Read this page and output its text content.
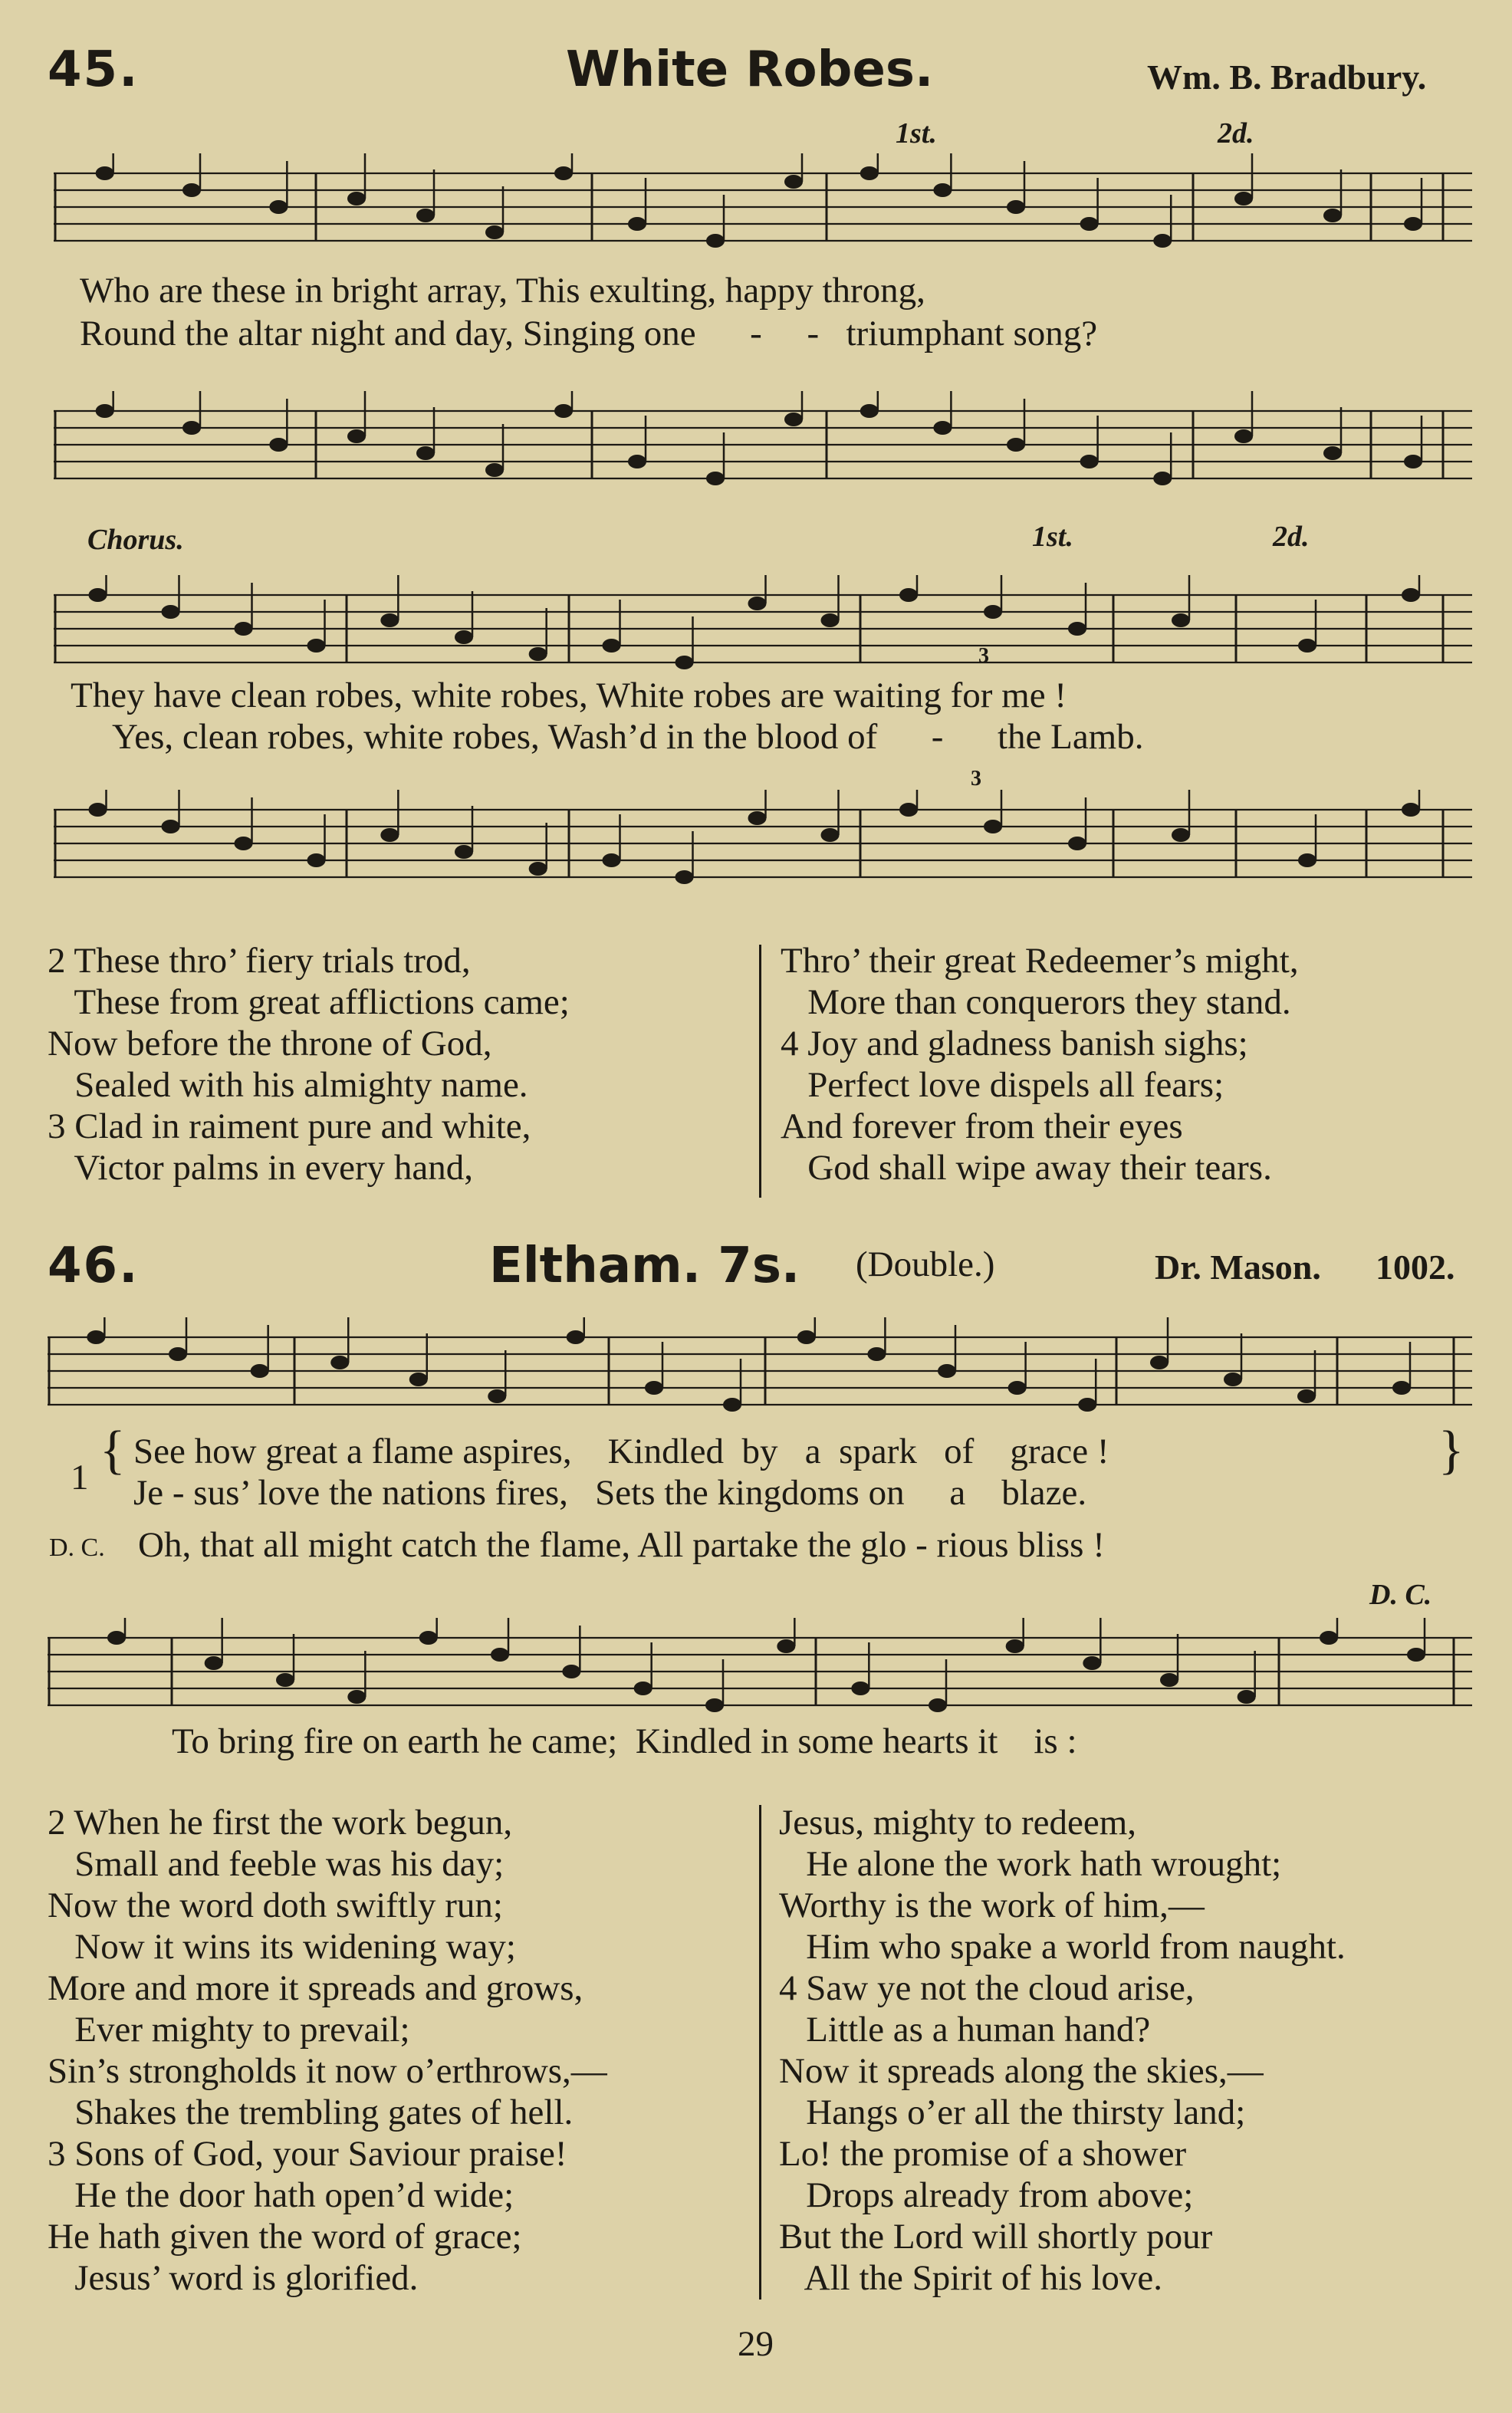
45.	White Robes.	Wm. B. Bradbury.
1st.	2d.
Who are these in bright array, This exulting, happy throng,
Round the altar night and day, Singing one      -     -   triumphant song?
Chorus.	1st.	2d.
3
They have clean robes, white robes, White robes are waiting for me !
Yes, clean robes, white robes, Wash’d in the blood of      -      the Lamb.
3
2 These thro’ fiery trials trod,
These from great afflictions came;
Now before the throne of God,
Sealed with his almighty name.
3 Clad in raiment pure and white,
Victor palms in every hand,
Thro’ their great Redeemer’s might,
More than conquerors they stand.
4 Joy and gladness banish sighs;
Perfect love dispels all fears;
And forever from their eyes
God shall wipe away their tears.
46.	Eltham. 7s. (Double.)	Dr. Mason. 1002.
1 { See how great a flame aspires,    Kindled  by   a  spark   of    grace !
Je - sus’ love the nations fires,   Sets the kingdoms on     a    blaze.
}
D. C. Oh, that all might catch the flame, All partake the glo - rious bliss !
D. C.
To bring fire on earth he came;  Kindled in some hearts it    is :
2 When he first the work begun,
Small and feeble was his day;
Now the word doth swiftly run;
Now it wins its widening way;
More and more it spreads and grows,
Ever mighty to prevail;
Sin’s strongholds it now o’erthrows,—
Shakes the trembling gates of hell.
3 Sons of God, your Saviour praise!
He the door hath open’d wide;
He hath given the word of grace;
Jesus’ word is glorified.
Jesus, mighty to redeem,
He alone the work hath wrought;
Worthy is the work of him,—
Him who spake a world from naught.
4 Saw ye not the cloud arise,
Little as a human hand?
Now it spreads along the skies,—
Hangs o’er all the thirsty land;
Lo! the promise of a shower
Drops already from above;
But the Lord will shortly pour
All the Spirit of his love.
29
